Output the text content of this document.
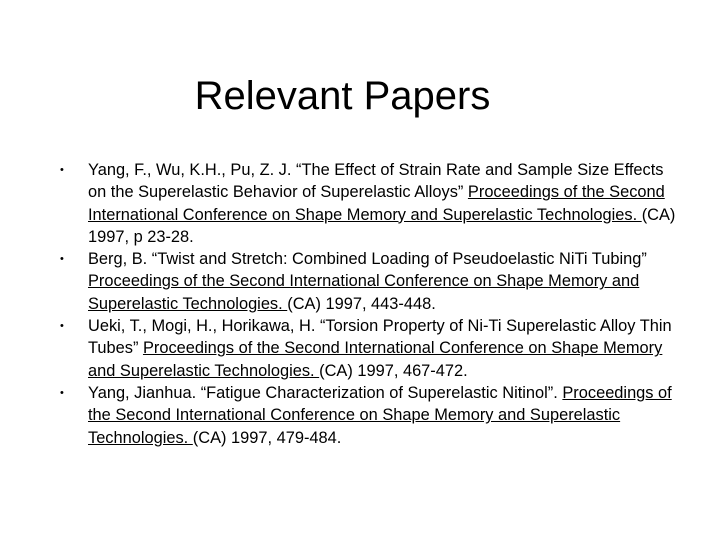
Relevant Papers
• Yang, F., Wu, K.H., Pu, Z. J. “The Effect of Strain Rate and Sample Size Effects on the Superelastic Behavior of Superelastic Alloys” Proceedings of the Second International Conference on Shape Memory and Superelastic Technologies. (CA) 1997, p 23-28.
• Berg, B. “Twist and Stretch: Combined Loading of Pseudoelastic NiTi Tubing” Proceedings of the Second International Conference on Shape Memory and Superelastic Technologies. (CA) 1997, 443-448.
• Ueki, T., Mogi, H., Horikawa, H. “Torsion Property of Ni-Ti Superelastic Alloy Thin Tubes” Proceedings of the Second International Conference on Shape Memory and Superelastic Technologies. (CA) 1997, 467-472.
• Yang, Jianhua. “Fatigue Characterization of Superelastic Nitinol”. Proceedings of the Second International Conference on Shape Memory and Superelastic Technologies. (CA) 1997, 479-484.
